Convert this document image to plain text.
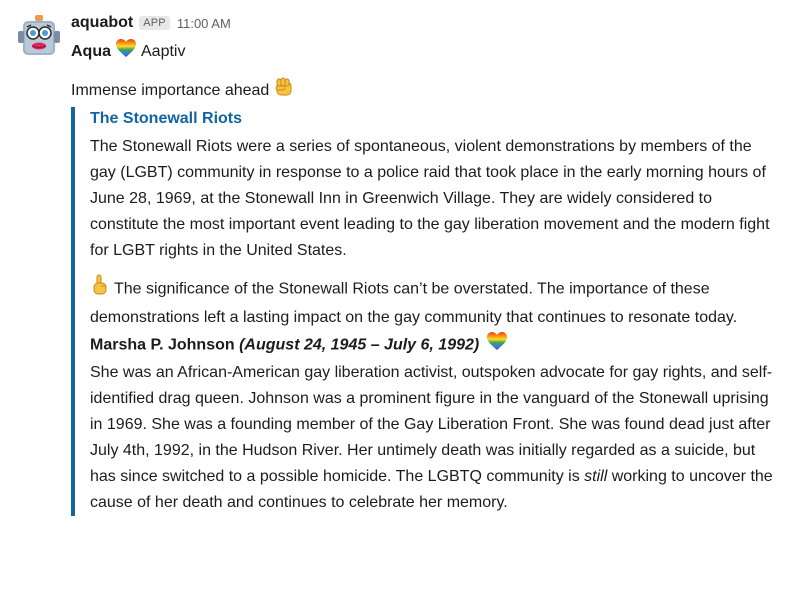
aquabot APP 11:00 AM
Aqua Aaptiv
Immense importance ahead
The Stonewall Riots
The Stonewall Riots were a series of spontaneous, violent demonstrations by members of the gay (LGBT) community in response to a police raid that took place in the early morning hours of June 28, 1969, at the Stonewall Inn in Greenwich Village. They are widely considered to constitute the most important event leading to the gay liberation movement and the modern fight for LGBT rights in the United States.
The significance of the Stonewall Riots can’t be overstated. The importance of these demonstrations left a lasting impact on the gay community that continues to resonate today.
Marsha P. Johnson (August 24, 1945 – July 6, 1992)
She was an African-American gay liberation activist, outspoken advocate for gay rights, and self-identified drag queen. Johnson was a prominent figure in the vanguard of the Stonewall uprising in 1969. She was a founding member of the Gay Liberation Front. She was found dead just after July 4th, 1992, in the Hudson River. Her untimely death was initially regarded as a suicide, but has since switched to a possible homicide. The LGBTQ community is still working to uncover the cause of her death and continues to celebrate her memory.
